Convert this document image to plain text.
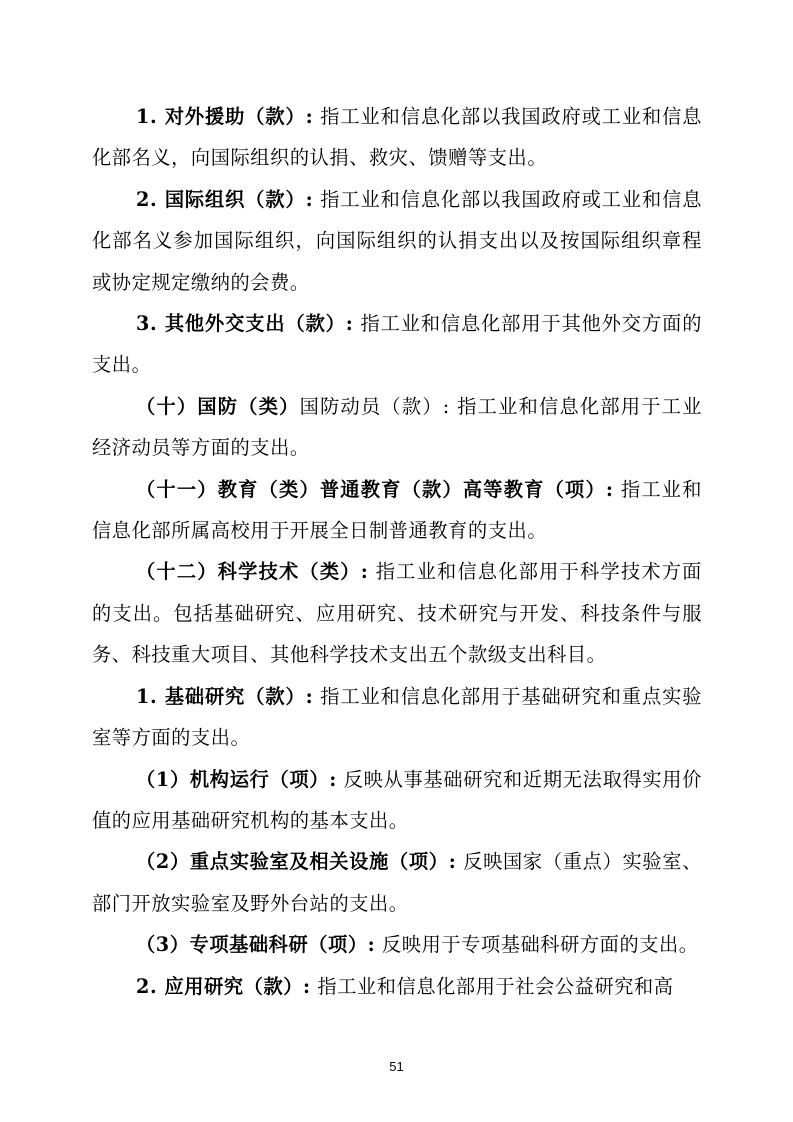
1. 对外援助（款）: 指工业和信息化部以我国政府或工业和信息化部名义，向国际组织的认捐、救灾、馈赠等支出。

2. 国际组织（款）: 指工业和信息化部以我国政府或工业和信息化部名义参加国际组织，向国际组织的认捐支出以及按国际组织章程或协定规定缴纳的会费。

3. 其他外交支出（款）: 指工业和信息化部用于其他外交方面的支出。

（十）国防（类）国防动员（款）: 指工业和信息化部用于工业经济动员等方面的支出。

（十一）教育（类）普通教育（款）高等教育（项）: 指工业和信息化部所属高校用于开展全日制普通教育的支出。

（十二）科学技术（类）: 指工业和信息化部用于科学技术方面的支出。包括基础研究、应用研究、技术研究与开发、科技条件与服务、科技重大项目、其他科学技术支出五个款级支出科目。

1. 基础研究（款）: 指工业和信息化部用于基础研究和重点实验室等方面的支出。

（1）机构运行（项）: 反映从事基础研究和近期无法取得实用价值的应用基础研究机构的基本支出。

（2）重点实验室及相关设施（项）: 反映国家（重点）实验室、部门开放实验室及野外台站的支出。

（3）专项基础科研（项）: 反映用于专项基础科研方面的支出。

2. 应用研究（款）: 指工业和信息化部用于社会公益研究和高

51
